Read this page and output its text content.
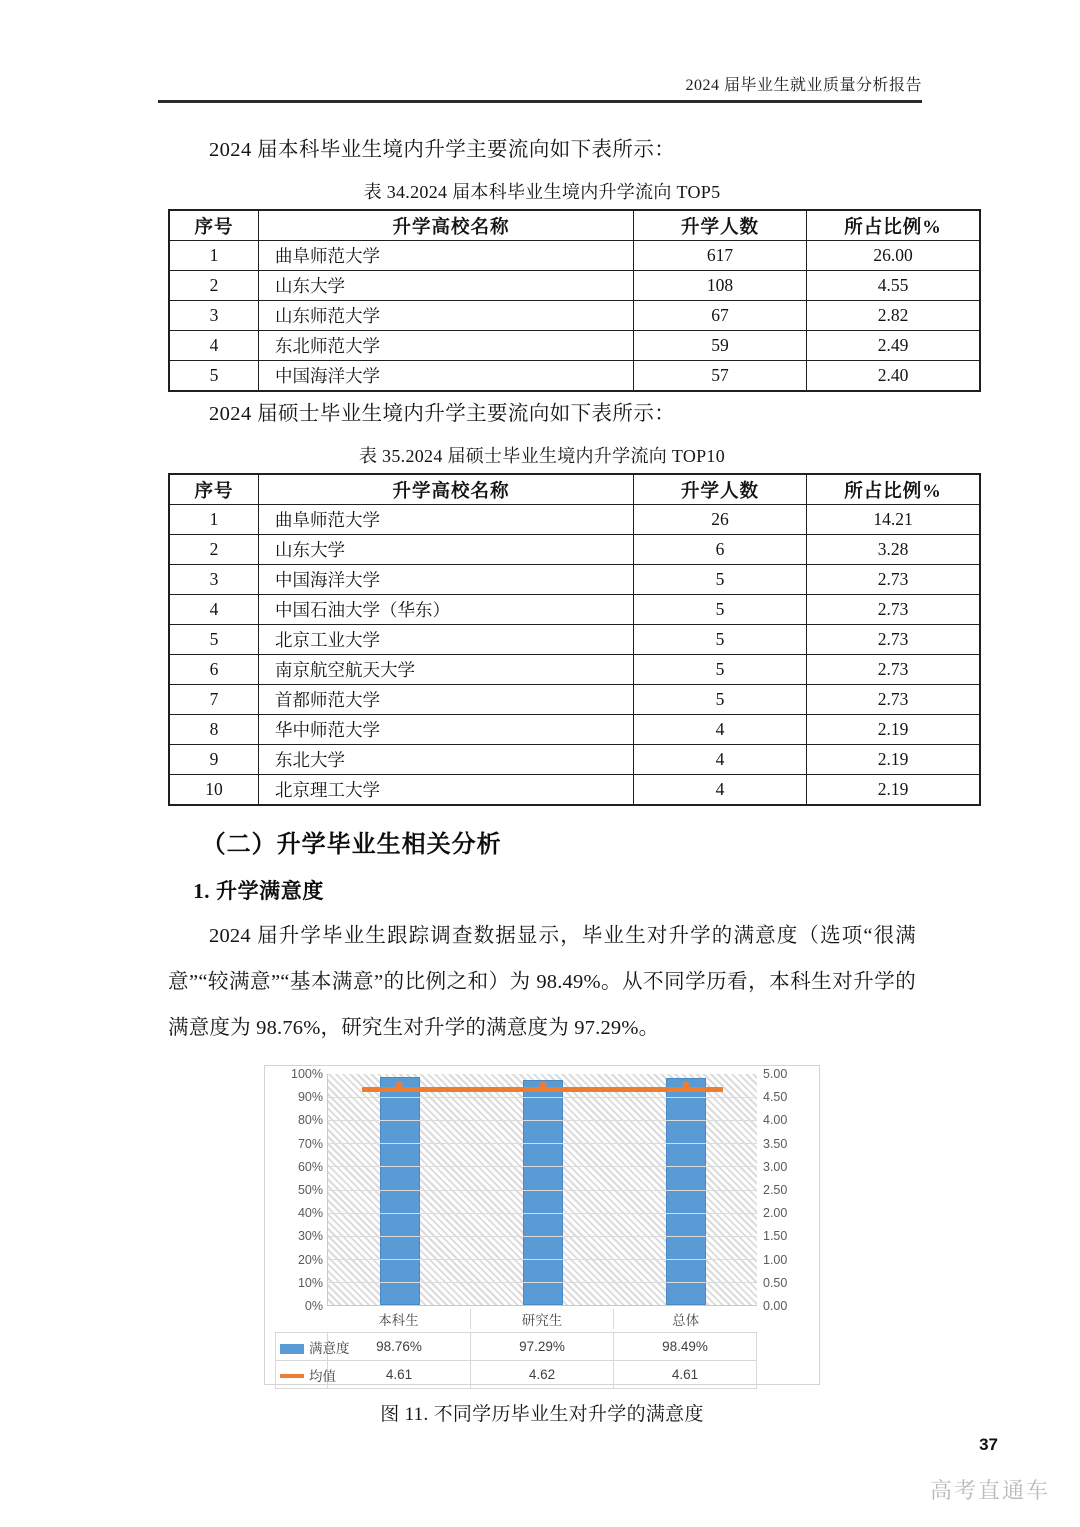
2024 届毕业生就业质量分析报告

2024 届本科毕业生境内升学主要流向如下表所示：

表 34.2024 届本科毕业生境内升学流向 TOP5
序号	升学高校名称	升学人数	所占比例%
1	曲阜师范大学	617	26.00
2	山东大学	108	4.55
3	山东师范大学	67	2.82
4	东北师范大学	59	2.49
5	中国海洋大学	57	2.40

2024 届硕士毕业生境内升学主要流向如下表所示：

表 35.2024 届硕士毕业生境内升学流向 TOP10
序号	升学高校名称	升学人数	所占比例%
1	曲阜师范大学	26	14.21
2	山东大学	6	3.28
3	中国海洋大学	5	2.73
4	中国石油大学（华东）	5	2.73
5	北京工业大学	5	2.73
6	南京航空航天大学	5	2.73
7	首都师范大学	5	2.73
8	华中师范大学	4	2.19
9	东北大学	4	2.19
10	北京理工大学	4	2.19
（二）升学毕业生相关分析
1. 升学满意度

2024 届升学毕业生跟踪调查数据显示，毕业生对升学的满意度（选项“很满意”“较满意”“基本满意”的比例之和）为 98.49%。从不同学历看，本科生对升学的满意度为 98.76%，研究生对升学的满意度为 97.29%。

100%
90%
80%
70%
60%
50%
40%
30%
20%
10%
0%
5.00
4.50
4.00
3.50
3.00
2.50
2.00
1.50
1.00
0.50
0.00
本科生	研究生	总体
满意度	98.76%	97.29%	98.49%	
均值	4.61	4.62	4.61	
图 11. 不同学历毕业生对升学的满意度
37
高考直通车
